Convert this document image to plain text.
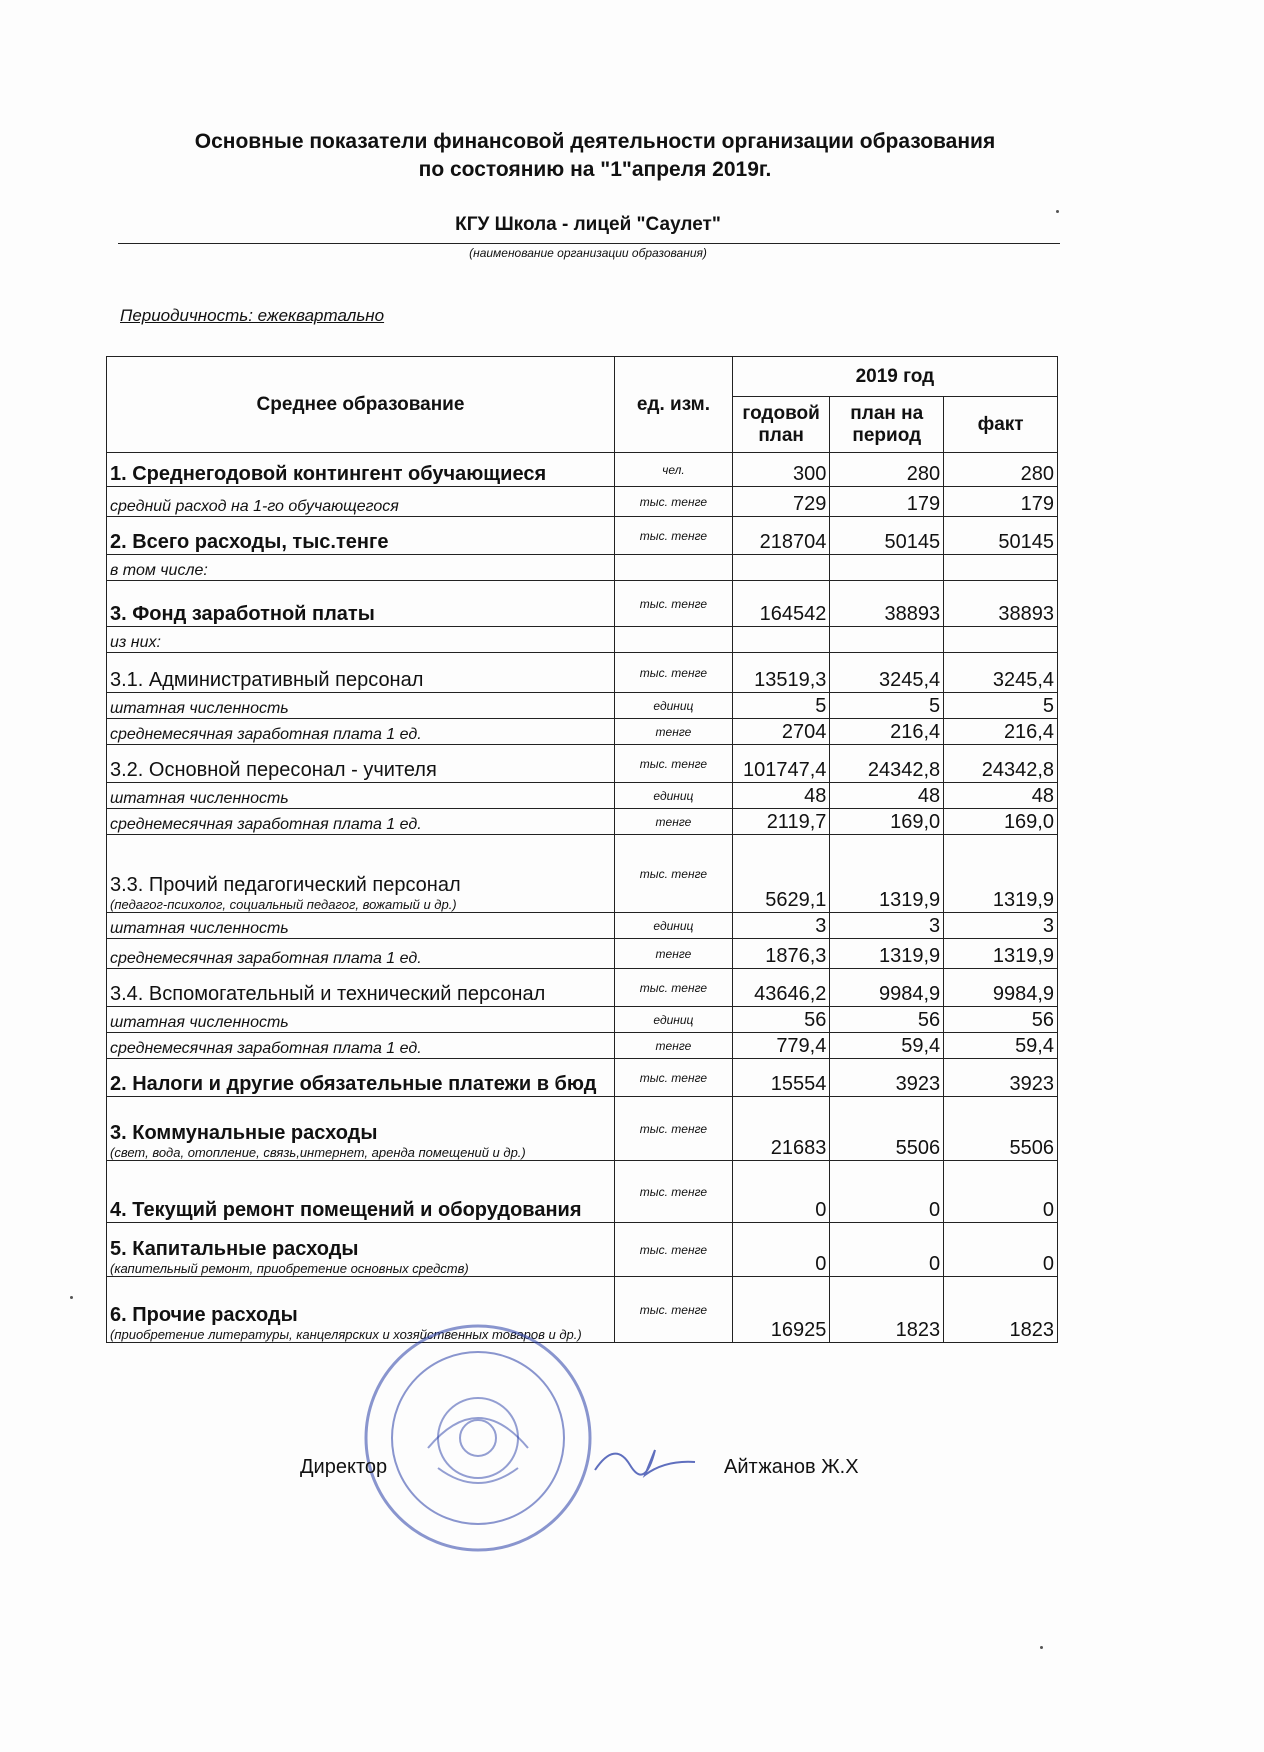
Основные показатели финансовой деятельности организации образования
по состоянию на "1"апреля 2019г.
КГУ Школа - лицей "Саулет"
(наименование организации образования)
Периодичность: ежеквартально
Среднее образование	ед. изм.	2019 год		
		годовой план	план на период	факт
1. Среднегодовой контингент обучающиеся	чел.	300	280	280
средний расход на 1-го обучающегося	тыс. тенге	729	179	179
2. Всего расходы, тыс.тенге	тыс. тенге	218704	50145	50145
в том числе:				
3. Фонд заработной платы	тыс. тенге	164542	38893	38893
из них:				
3.1. Административный персонал	тыс. тенге	13519,3	3245,4	3245,4
штатная численность	единиц	5	5	5
среднемесячная заработная плата 1 ед.	тенге	2704	216,4	216,4
3.2. Основной пересонал - учителя	тыс. тенге	101747,4	24342,8	24342,8
штатная численность	единиц	48	48	48
среднемесячная заработная плата 1 ед.	тенге	2119,7	169,0	169,0
3.3. Прочий педагогический персонал
(педагог-психолог, социальный педагог, вожатый и др.)	тыс. тенге	5629,1	1319,9	1319,9
штатная численность	единиц	3	3	3
среднемесячная заработная плата 1 ед.	тенге	1876,3	1319,9	1319,9
3.4. Вспомогательный и технический персонал	тыс. тенге	43646,2	9984,9	9984,9
штатная численность	единиц	56	56	56
среднемесячная заработная плата 1 ед.	тенге	779,4	59,4	59,4
2. Налоги и другие обязательные платежи в бюд	тыс. тенге	15554	3923	3923
3. Коммунальные расходы
(свет, вода, отопление, связь,интернет, аренда помещений и др.)	тыс. тенге	21683	5506	5506
4. Текущий ремонт помещений и оборудования	тыс. тенге	0	0	0
5. Капитальные расходы
(капительный ремонт, приобретение основных средств)	тыс. тенге	0	0	0
6. Прочие расходы
(приобретение литературы, канцелярских и хозяйственных товаров и др.)	тыс. тенге	16925	1823	1823
Директор	Айтжанов Ж.Х
